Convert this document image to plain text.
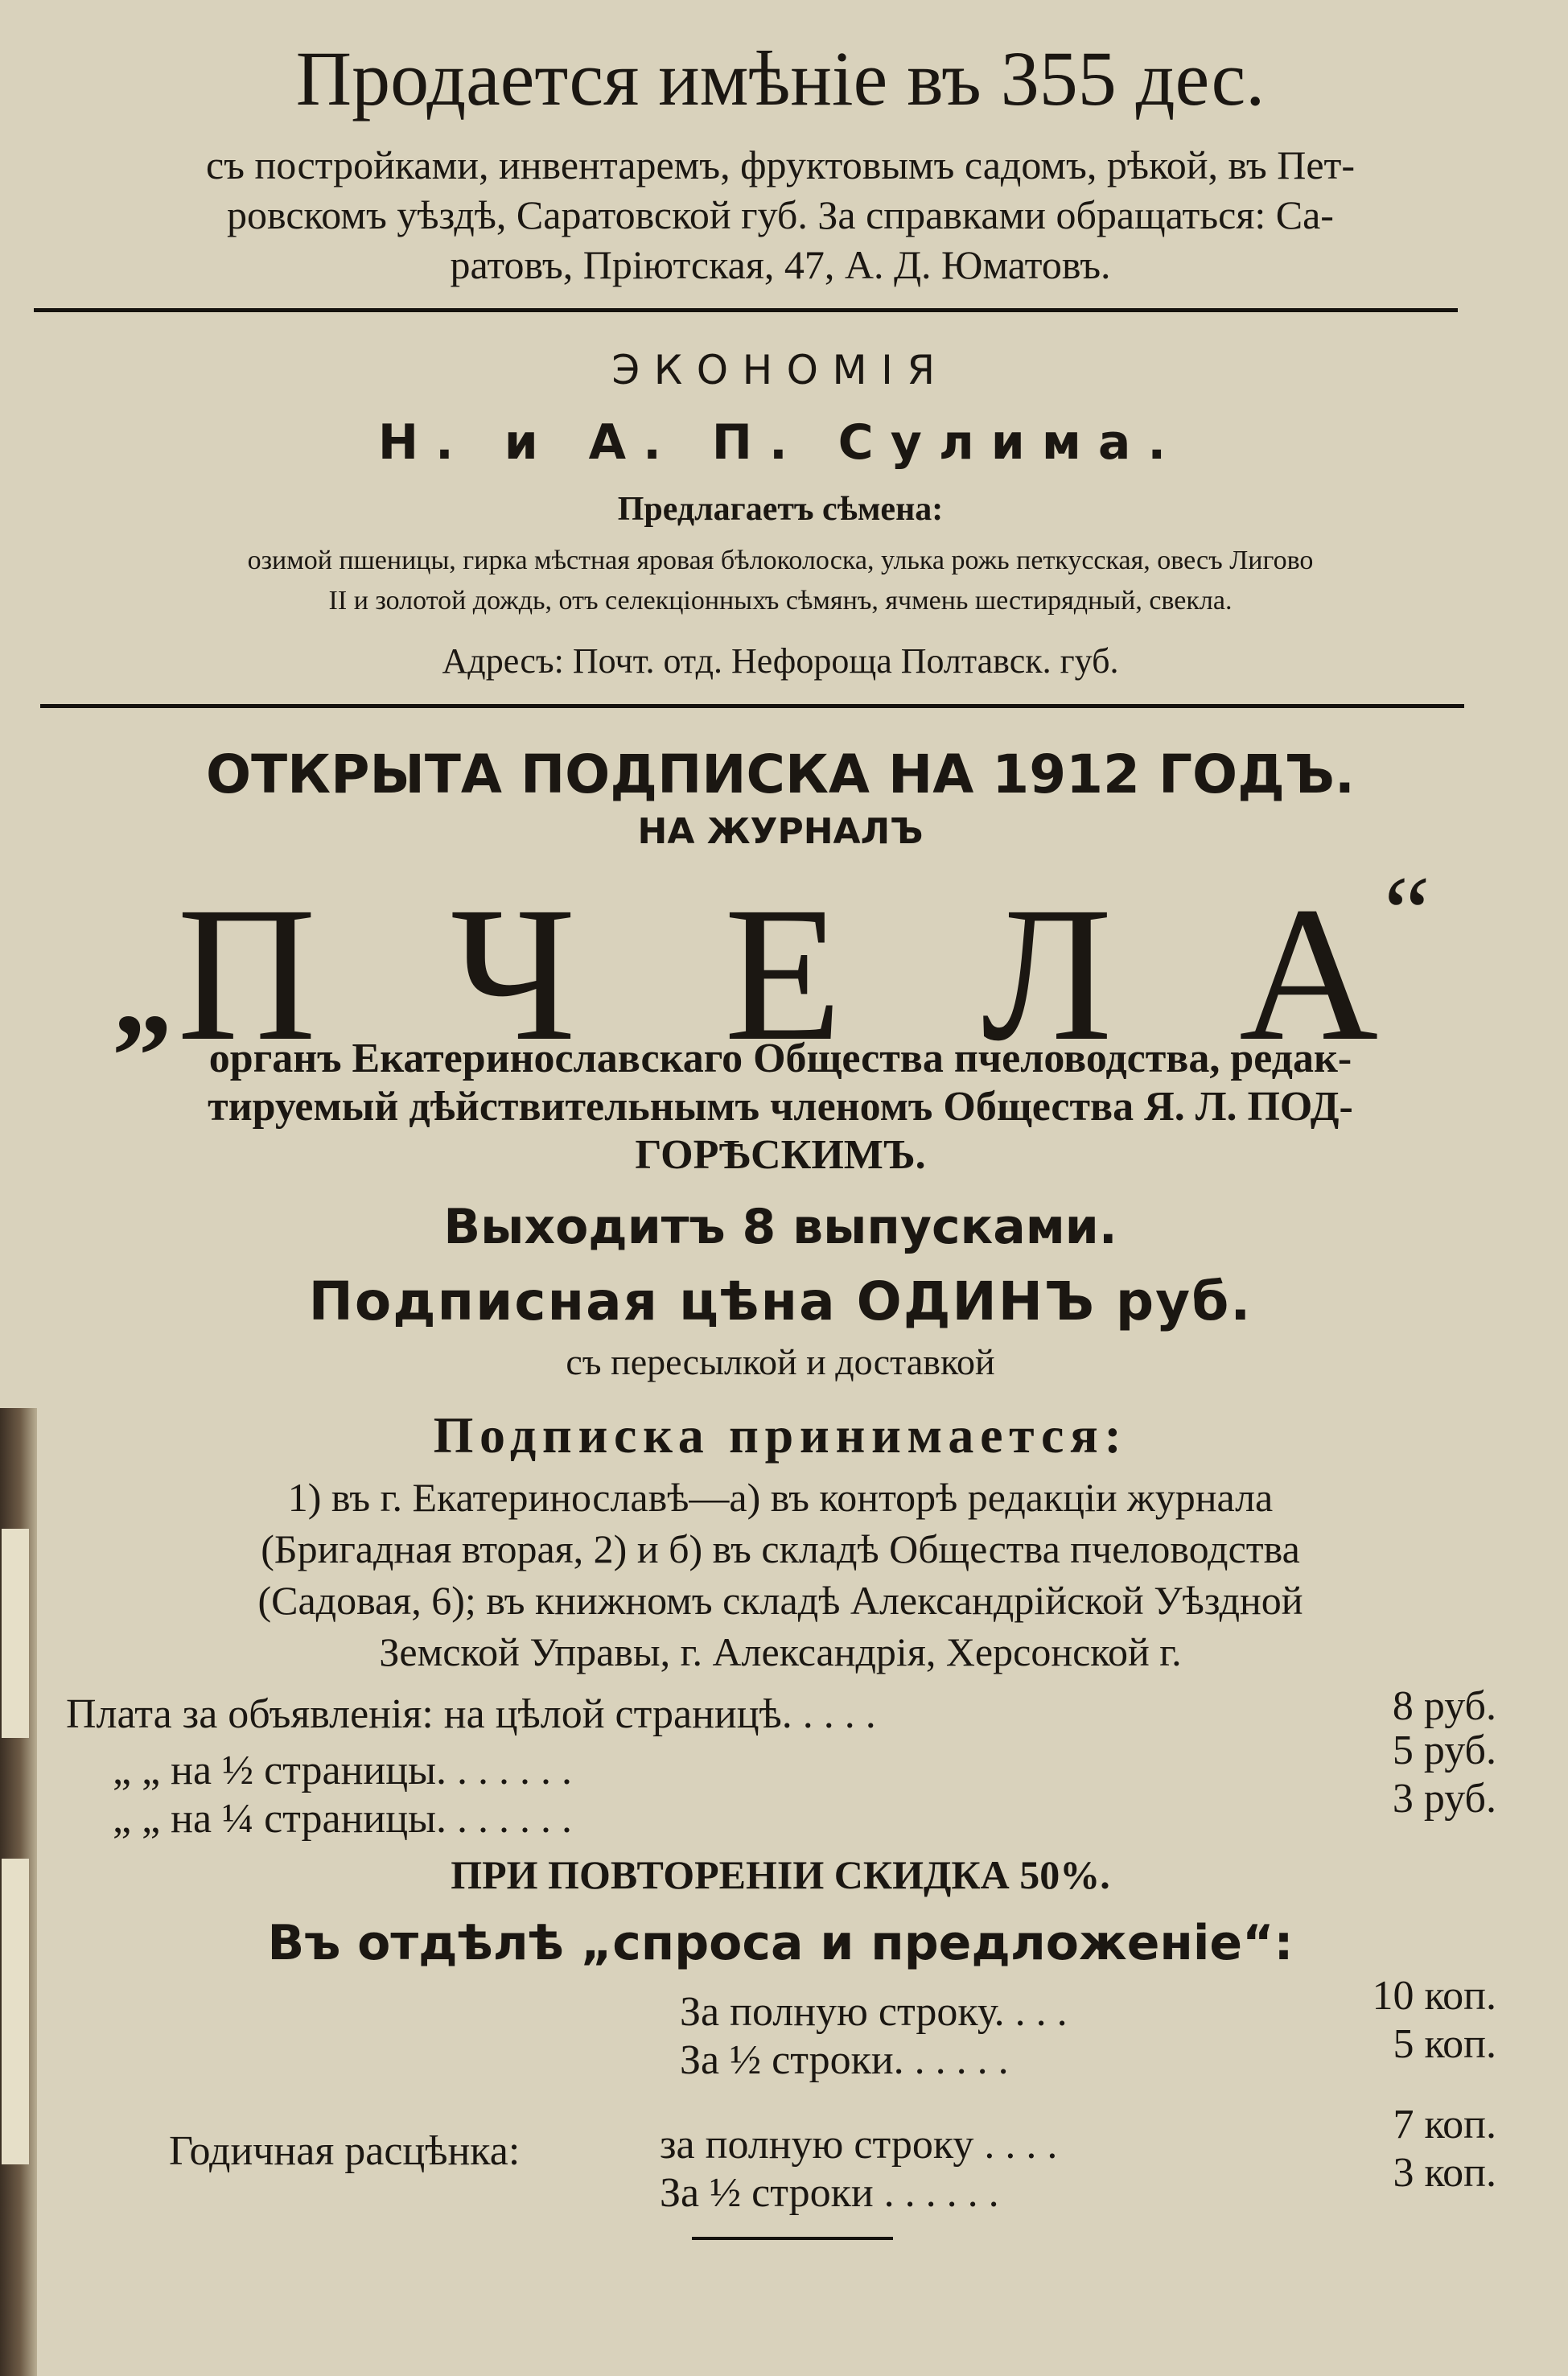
Продается имѣніе въ 355 дес.
съ постройками, инвентаремъ, фруктовымъ садомъ, рѣкой, въ Пет-
ровскомъ уѣздѣ, Саратовской губ. За справками обращаться: Са-
ратовъ, Пріютская, 47, А. Д. Юматовъ.
ЭКОНОМІЯ
Н. и А. П. Сулима.
Предлагаетъ сѣмена:
озимой пшеницы, гирка мѣстная яровая бѣлоколоска, улька рожь петкусская, овесъ Лигово
II и золотой дождь, отъ селекціонныхъ сѣмянъ, ячмень шестирядный, свекла.
Адресъ: Почт. отд. Нефороща Полтавск. губ.
ОТКРЫТА ПОДПИСКА НА 1912 ГОДЪ.
НА ЖУРНАЛЪ
„ П Ч Е Л А “
органъ Екатеринославскаго Общества пчеловодства, редак-
тируемый дѣйствительнымъ членомъ Общества Я. Л. ПОД-
ГОРѢСКИМЪ.
Выходитъ 8 выпусками.
Подписная цѣна ОДИНЪ руб.
съ пересылкой и доставкой
Подписка принимается:
1) въ г. Екатеринославѣ—а) въ конторѣ редакціи журнала
(Бригадная вторая, 2) и б) въ складѣ Общества пчеловодства
(Садовая, 6); въ книжномъ складѣ Александрійской Уѣздной
Земской Управы, г. Александрія, Херсонской г.
Плата за объявленія: на цѣлой страницѣ. . . . .	8 руб.
„ „ на ½ страницы. . . . . . .	5 руб.
„ „ на ¼ страницы. . . . . . .	3 руб.
ПРИ ПОВТОРЕНІИ СКИДКА 50%.
Въ отдѣлѣ „спроса и предложеніе“:
За полную строку. . . .	10 коп.
За ½ строки. . . . . .	5 коп.
Годичная расцѣнка:	за полную строку . . . .	7 коп.
За ½ строки . . . . . .	3 коп.
